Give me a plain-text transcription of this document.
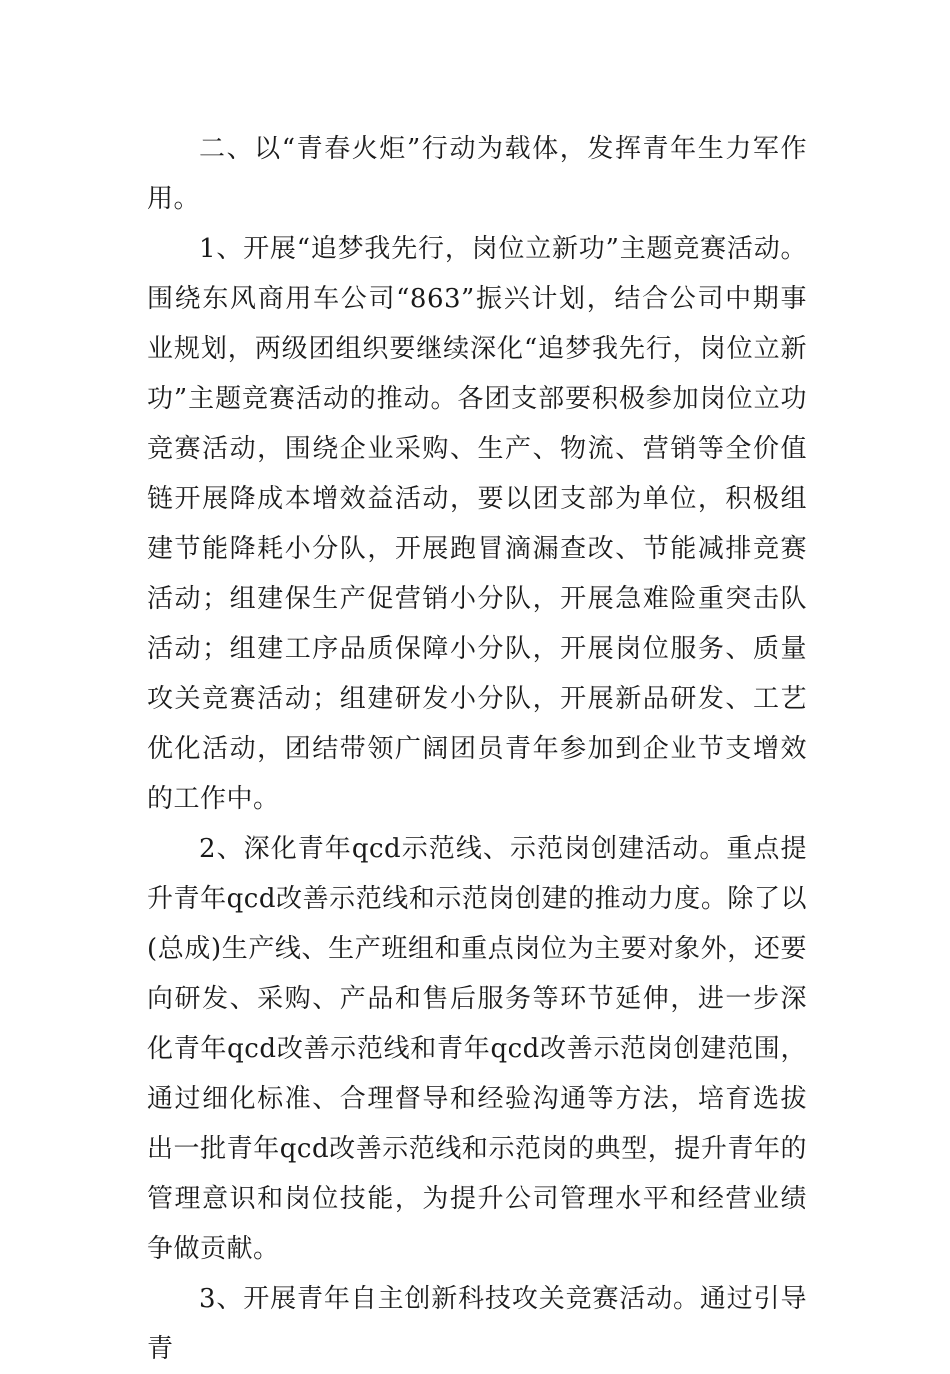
二、以“青春火炬”行动为载体，发挥青年生力军作用。

1、开展“追梦我先行，岗位立新功”主题竞赛活动。围绕东风商用车公司“863”振兴计划，结合公司中期事业规划，两级团组织要继续深化“追梦我先行，岗位立新功”主题竞赛活动的推动。各团支部要积极参加岗位立功竞赛活动，围绕企业采购、生产、物流、营销等全价值链开展降成本增效益活动，要以团支部为单位，积极组建节能降耗小分队，开展跑冒滴漏查改、节能减排竞赛活动；组建保生产促营销小分队，开展急难险重突击队活动；组建工序品质保障小分队，开展岗位服务、质量攻关竞赛活动；组建研发小分队，开展新品研发、工艺优化活动，团结带领广阔团员青年参加到企业节支增效的工作中。

2、深化青年qcd示范线、示范岗创建活动。重点提升青年qcd改善示范线和示范岗创建的推动力度。除了以(总成)生产线、生产班组和重点岗位为主要对象外，还要向研发、采购、产品和售后服务等环节延伸，进一步深化青年qcd改善示范线和青年qcd改善示范岗创建范围，通过细化标准、合理督导和经验沟通等方法，培育选拔出一批青年qcd改善示范线和示范岗的典型，提升青年的管理意识和岗位技能，为提升公司管理水平和经营业绩争做贡献。

3、开展青年自主创新科技攻关竞赛活动。通过引导青
